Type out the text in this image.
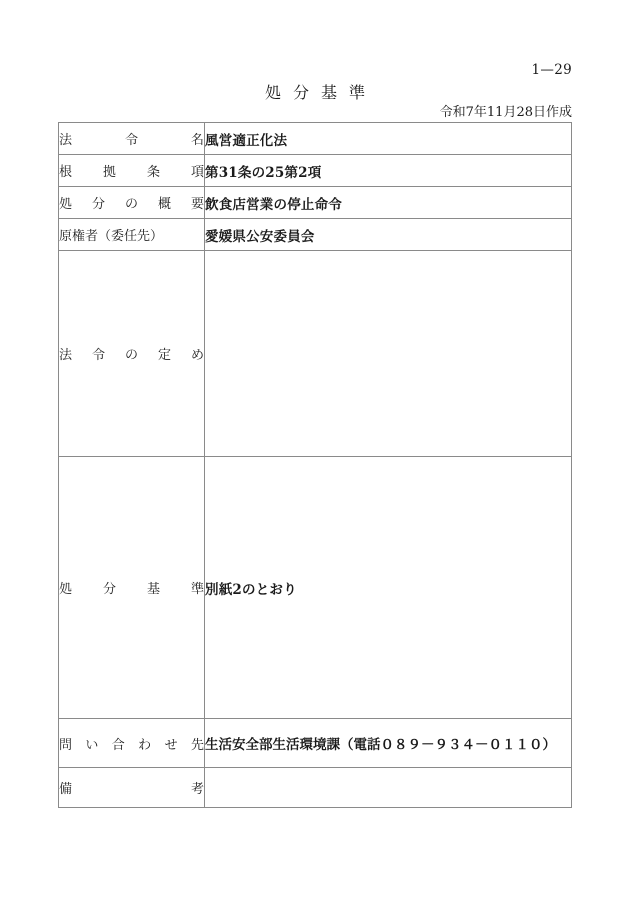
1—29
処分基準
令和7年11月28日作成
法 令 名	風営適正化法

根 拠 条 項	第31条の25第2項

処 分 の 概 要	飲食店営業の停止命令

原権者（委任先）	愛媛県公安委員会

法 令 の 定 め	

処 分 基 準	別紙2のとおり

問 い 合 わ せ 先	生活安全部生活環境課（電話０８９－９３４－０１１０）

備 考	
